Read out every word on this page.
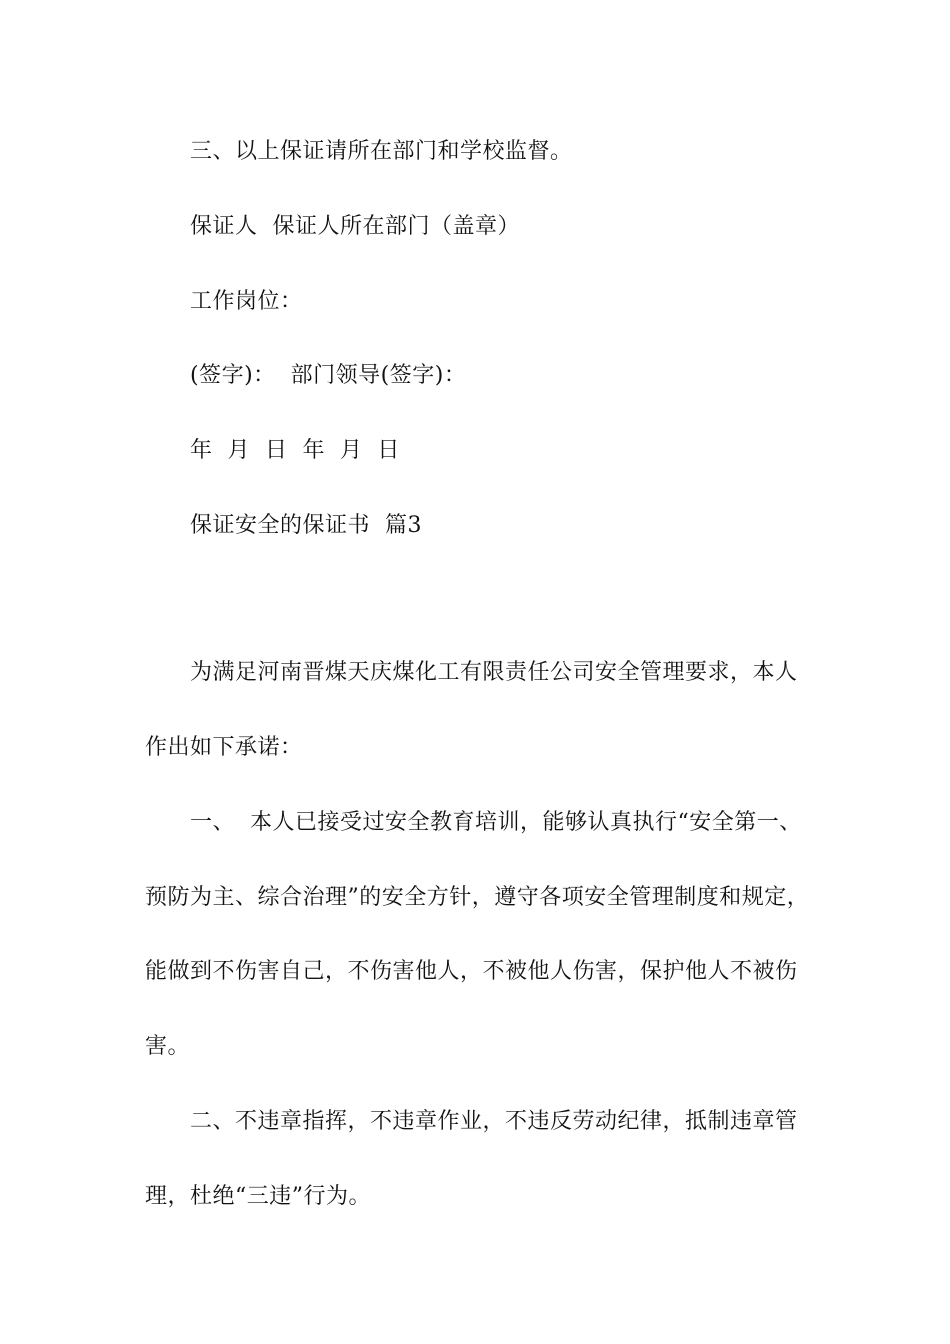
三、以上保证请所在部门和学校监督。
保证人  保证人所在部门（盖章）
工作岗位：
(签字)：  部门领导(签字)：
年  月  日  年  月  日
保证安全的保证书  篇3
为满足河南晋煤天庆煤化工有限责任公司安全管理要求，本人
作出如下承诺：
一、  本人已接受过安全教育培训，能够认真执行“安全第一、
预防为主、综合治理”的安全方针，遵守各项安全管理制度和规定，
能做到不伤害自己，不伤害他人，不被他人伤害，保护他人不被伤
害。
二、不违章指挥，不违章作业，不违反劳动纪律，抵制违章管
理，杜绝“三违”行为。
